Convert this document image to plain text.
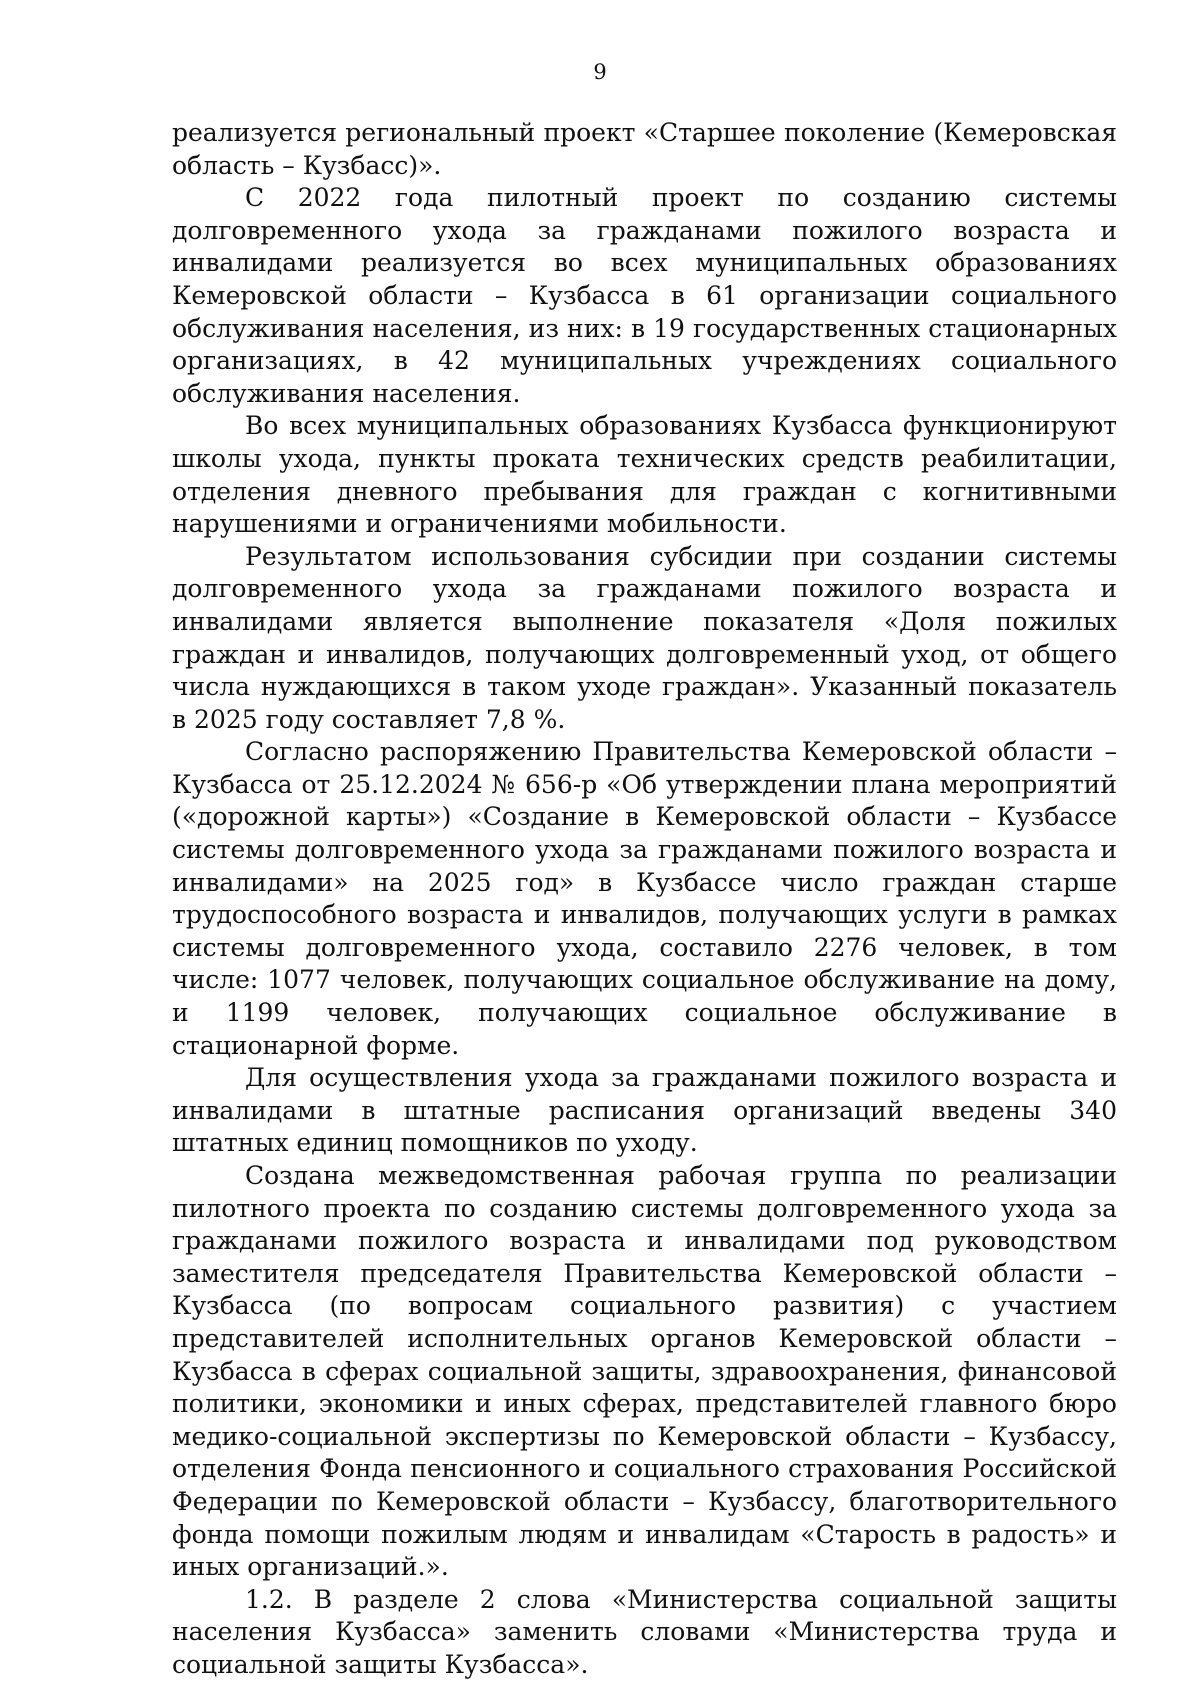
9

реализуется региональный проект «Старшее поколение (Кемеровская область – Кузбасс)».

С 2022 года пилотный проект по созданию системы долговременного ухода за гражданами пожилого возраста и инвалидами реализуется во всех муниципальных образованиях Кемеровской области – Кузбасса в 61 организации социального обслуживания населения, из них: в 19 государственных стационарных организациях, в 42 муниципальных учреждениях социального обслуживания населения.

Во всех муниципальных образованиях Кузбасса функционируют школы ухода, пункты проката технических средств реабилитации, отделения дневного пребывания для граждан с когнитивными нарушениями и ограничениями мобильности.

Результатом использования субсидии при создании системы долговременного ухода за гражданами пожилого возраста и инвалидами является выполнение показателя «Доля пожилых граждан и инвалидов, получающих долговременный уход, от общего числа нуждающихся в таком уходе граждан». Указанный показатель в 2025 году составляет 7,8 %.

Согласно распоряжению Правительства Кемеровской области – Кузбасса от 25.12.2024 № 656-р «Об утверждении плана мероприятий («дорожной карты») «Создание в Кемеровской области – Кузбассе системы долговременного ухода за гражданами пожилого возраста и инвалидами» на 2025 год» в Кузбассе число граждан старше трудоспособного возраста и инвалидов, получающих услуги в рамках системы долговременного ухода, составило 2276 человек, в том числе: 1077 человек, получающих социальное обслуживание на дому, и 1199 человек, получающих социальное обслуживание в стационарной форме.

Для осуществления ухода за гражданами пожилого возраста и инвалидами в штатные расписания организаций введены 340 штатных единиц помощников по уходу.

Создана межведомственная рабочая группа по реализации пилотного проекта по созданию системы долговременного ухода за гражданами пожилого возраста и инвалидами под руководством заместителя председателя Правительства Кемеровской области – Кузбасса (по вопросам социального развития) с участием представителей исполнительных органов Кемеровской области – Кузбасса в сферах социальной защиты, здравоохранения, финансовой политики, экономики и иных сферах, представителей главного бюро медико-социальной экспертизы по Кемеровской области – Кузбассу, отделения Фонда пенсионного и социального страхования Российской Федерации по Кемеровской области – Кузбассу, благотворительного фонда помощи пожилым людям и инвалидам «Старость в радость» и иных организаций.».

1.2. В разделе 2 слова «Министерства социальной защиты населения Кузбасса» заменить словами «Министерства труда и социальной защиты Кузбасса».
